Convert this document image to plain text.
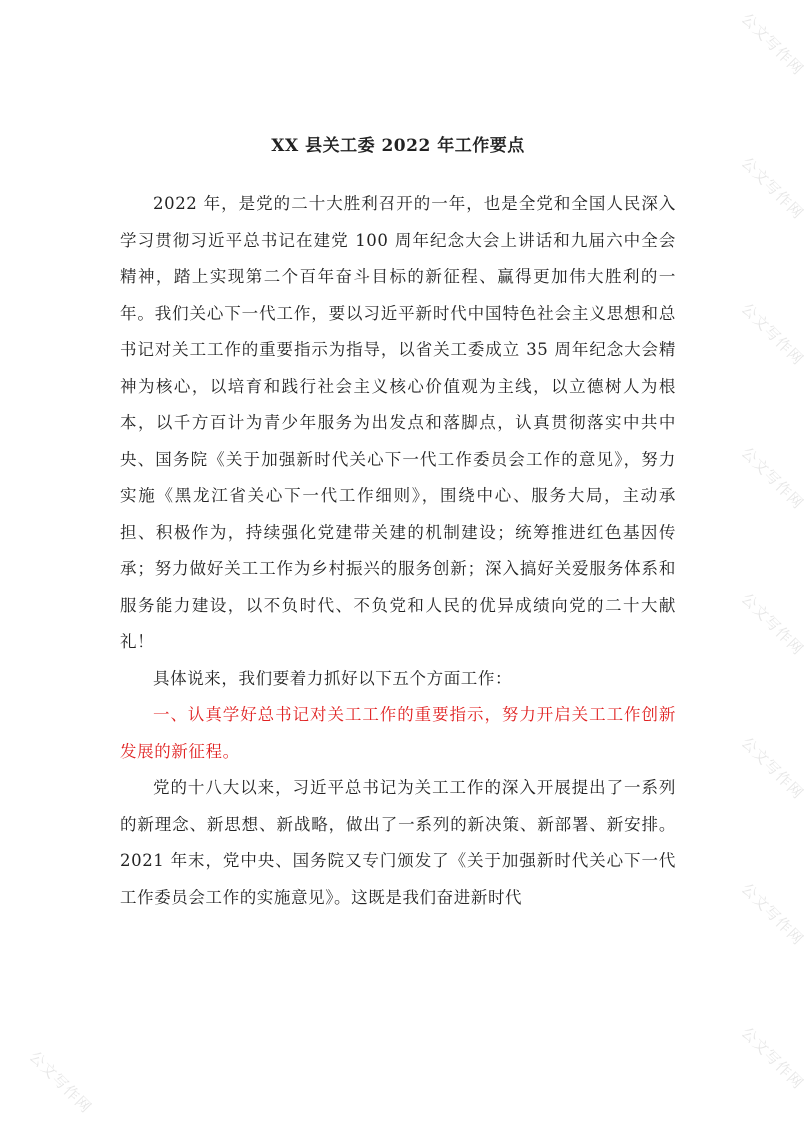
公文写作网
公文写作网
公文写作网
公文写作网
公文写作网
公文写作网
公文写作网
公文写作网
公文写作网
XX 县关工委 2022 年工作要点

2022 年，是党的二十大胜利召开的一年，也是全党和全国人民深入学习贯彻习近平总书记在建党 100 周年纪念大会上讲话和九届六中全会精神，踏上实现第二个百年奋斗目标的新征程、赢得更加伟大胜利的一年。我们关心下一代工作，要以习近平新时代中国特色社会主义思想和总书记对关工工作的重要指示为指导，以省关工委成立 35 周年纪念大会精神为核心，以培育和践行社会主义核心价值观为主线，以立德树人为根本，以千方百计为青少年服务为出发点和落脚点，认真贯彻落实中共中央、国务院《关于加强新时代关心下一代工作委员会工作的意见》，努力实施《黑龙江省关心下一代工作细则》，围绕中心、服务大局，主动承担、积极作为，持续强化党建带关建的机制建设；统筹推进红色基因传承；努力做好关工工作为乡村振兴的服务创新；深入搞好关爱服务体系和服务能力建设，以不负时代、不负党和人民的优异成绩向党的二十大献礼！

具体说来，我们要着力抓好以下五个方面工作：

一、认真学好总书记对关工工作的重要指示，努力开启关工工作创新发展的新征程。

党的十八大以来，习近平总书记为关工工作的深入开展提出了一系列的新理念、新思想、新战略，做出了一系列的新决策、新部署、新安排。2021 年末，党中央、国务院又专门颁发了《关于加强新时代关心下一代工作委员会工作的实施意见》。这既是我们奋进新时代
